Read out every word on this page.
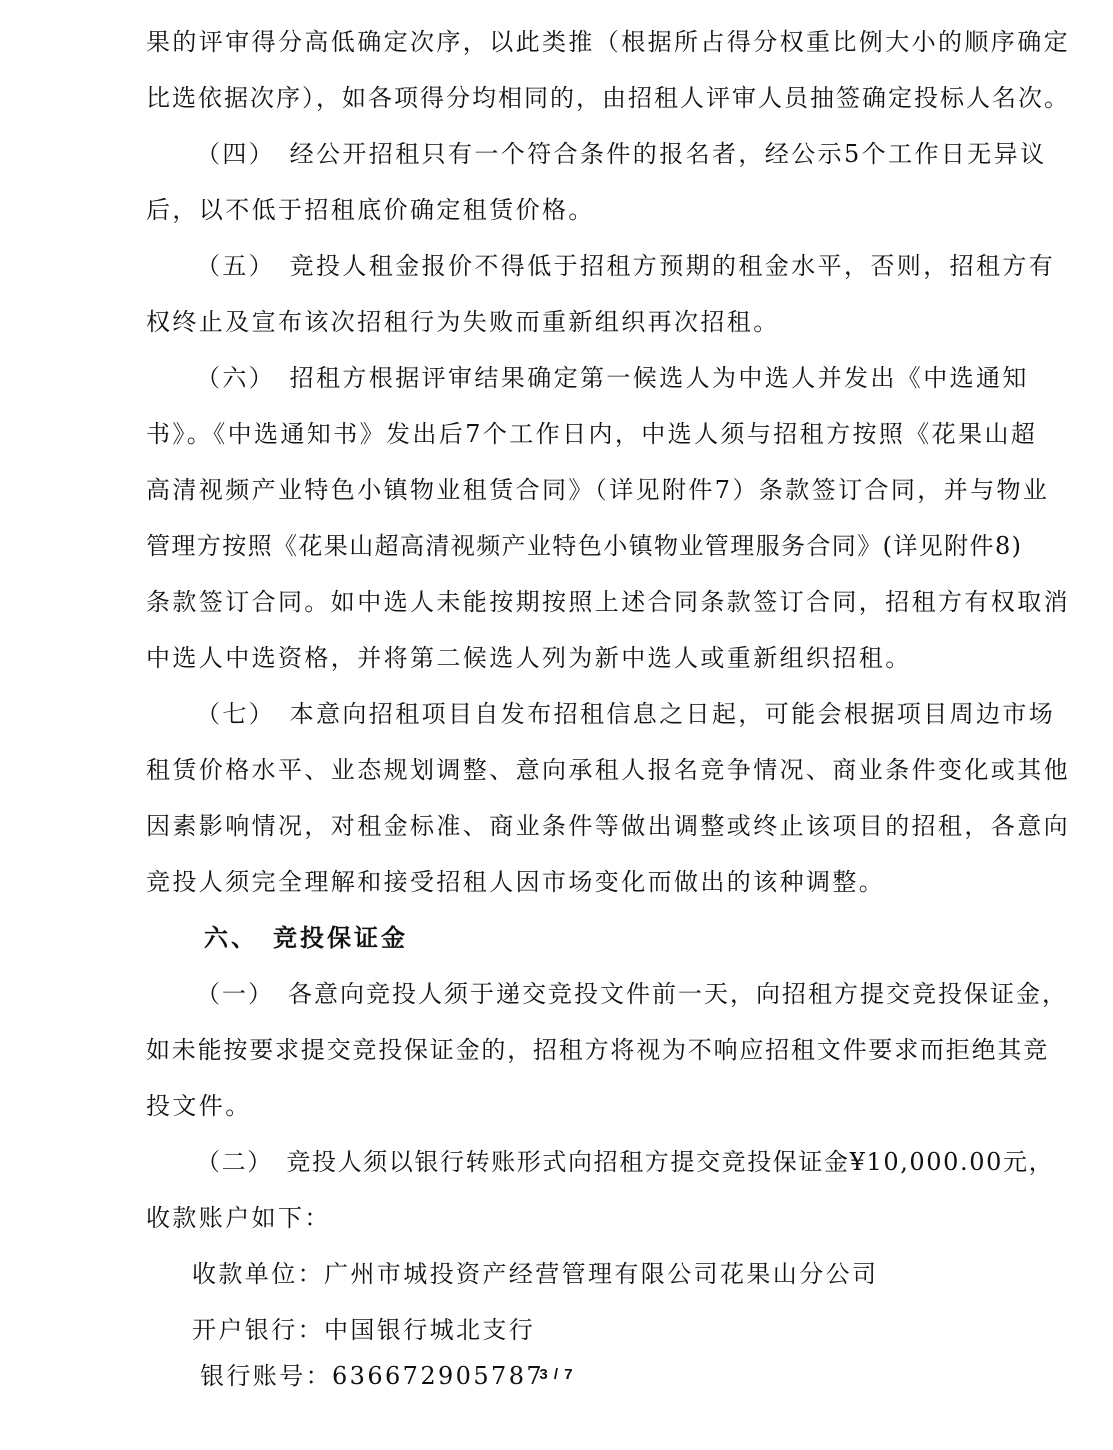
果的评审得分高低确定次序，以此类推（根据所占得分权重比例大小的顺序确定
比选依据次序），如各项得分均相同的，由招租人评审人员抽签确定投标人名次。
（四）　经公开招租只有一个符合条件的报名者，经公示5个工作日无异议
后，以不低于招租底价确定租赁价格。
（五）　竞投人租金报价不得低于招租方预期的租金水平，否则，招租方有
权终止及宣布该次招租行为失败而重新组织再次招租。
（六）　招租方根据评审结果确定第一候选人为中选人并发出《中选通知
书》。《中选通知书》发出后7个工作日内，中选人须与招租方按照《花果山超
高清视频产业特色小镇物业租赁合同》（详见附件7）条款签订合同，并与物业
管理方按照《花果山超高清视频产业特色小镇物业管理服务合同》(详见附件8)
条款签订合同。如中选人未能按期按照上述合同条款签订合同，招租方有权取消
中选人中选资格，并将第二候选人列为新中选人或重新组织招租。
（七）　本意向招租项目自发布招租信息之日起，可能会根据项目周边市场
租赁价格水平、业态规划调整、意向承租人报名竞争情况、商业条件变化或其他
因素影响情况，对租金标准、商业条件等做出调整或终止该项目的招租，各意向
竞投人须完全理解和接受招租人因市场变化而做出的该种调整。
六、　竞投保证金
（一）　各意向竞投人须于递交竞投文件前一天，向招租方提交竞投保证金，
如未能按要求提交竞投保证金的，招租方将视为不响应招租文件要求而拒绝其竞
投文件。
（二）　竞投人须以银行转账形式向招租方提交竞投保证金¥10,000.00元，
收款账户如下：
收款单位：广州市城投资产经营管理有限公司花果山分公司
开户银行：中国银行城北支行
银行账号：636672905787
3 / 7
